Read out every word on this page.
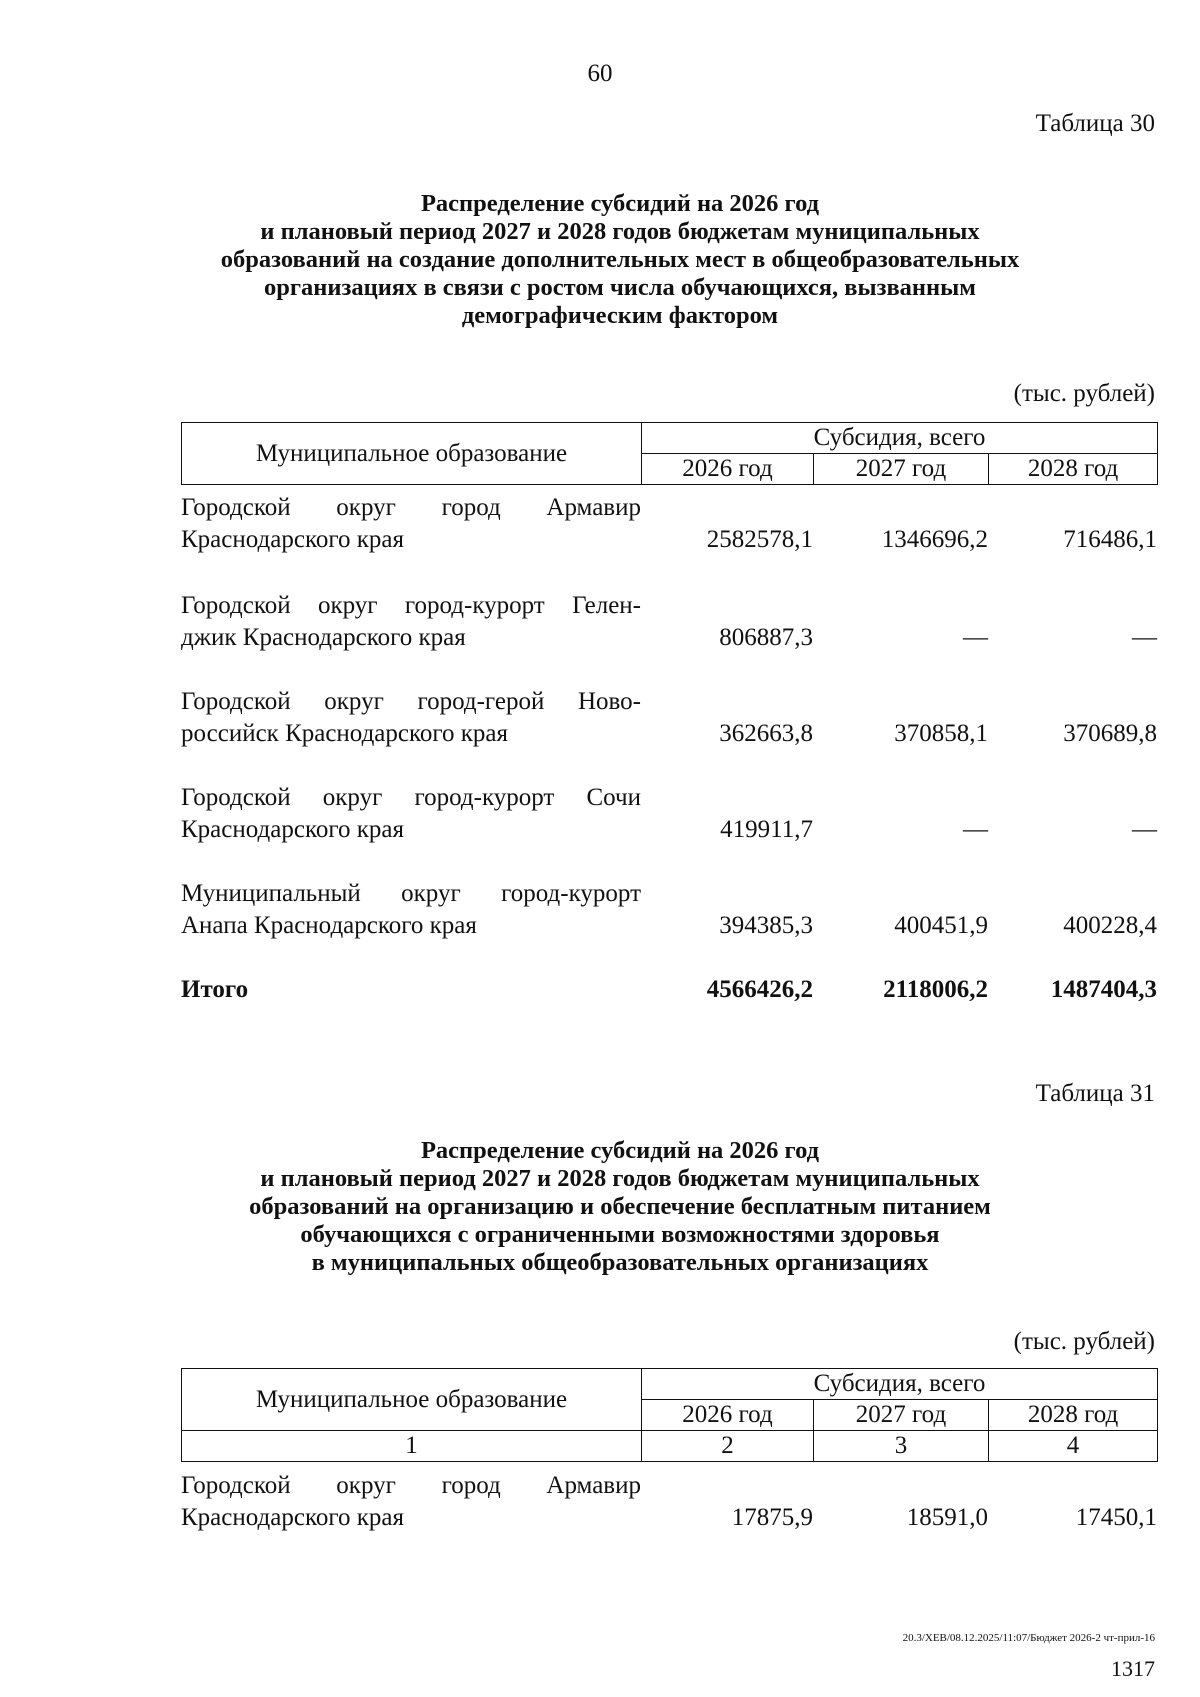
60
Таблица 30
Распределение субсидий на 2026 год
и плановый период 2027 и 2028 годов бюджетам муниципальных
образований на создание дополнительных мест в общеобразовательных
организациях в связи с ростом числа обучающихся, вызванным
демографическим фактором
(тыс. рублей)
Муниципальное образование	Субсидия, всего		
	2026 год	2027 год	2028 год
Городской округ город Армавир
Краснодарского края	2582578,1	1346696,2	716486,1
Городской округ город-курорт Гелен-
джик Краснодарского края	806887,3	—	—
Городской округ город-герой Ново-
российск Краснодарского края	362663,8	370858,1	370689,8
Городской округ город-курорт Сочи
Краснодарского края	419911,7	—	—
Муниципальный округ город-курорт
Анапа Краснодарского края	394385,3	400451,9	400228,4
Итого	4566426,2	2118006,2	1487404,3
Таблица 31
Распределение субсидий на 2026 год
и плановый период 2027 и 2028 годов бюджетам муниципальных
образований на организацию и обеспечение бесплатным питанием
обучающихся с ограниченными возможностями здоровья
в муниципальных общеобразовательных организациях
(тыс. рублей)
Муниципальное образование	Субсидия, всего		
	2026 год	2027 год	2028 год
1	2	3	4
Городской округ город Армавир
Краснодарского края	17875,9	18591,0	17450,1
20.3/ХЕВ/08.12.2025/11:07/Бюджет 2026-2 чт-прил-16
1317
